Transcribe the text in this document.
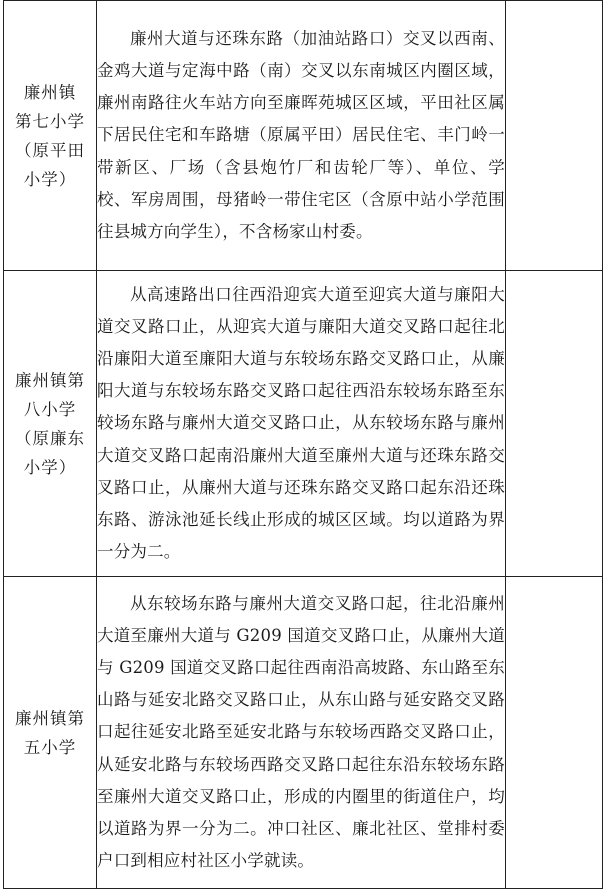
廉州镇
第七小学
（原平田
小学）	廉州大道与还珠东路（加油站路口）交叉以西南、金鸡大道与定海中路（南）交叉以东南城区内圈区域，廉州南路往火车站方向至廉晖苑城区区域，平田社区属下居民住宅和车路塘（原属平田）居民住宅、丰门岭一带新区、厂场（含县炮竹厂和齿轮厂等）、单位、学校、军房周围，母猪岭一带住宅区（含原中站小学范围往县城方向学生），不含杨家山村委。	

廉州镇第
八小学
（原廉东
小学）	从高速路出口往西沿迎宾大道至迎宾大道与廉阳大道交叉路口止，从迎宾大道与廉阳大道交叉路口起往北沿廉阳大道至廉阳大道与东较场东路交叉路口止，从廉阳大道与东较场东路交叉路口起往西沿东较场东路至东较场东路与廉州大道交叉路口止，从东较场东路与廉州大道交叉路口起南沿廉州大道至廉州大道与还珠东路交叉路口止，从廉州大道与还珠东路交叉路口起东沿还珠东路、游泳池延长线止形成的城区区域。均以道路为界一分为二。	

廉州镇第
五小学	从东较场东路与廉州大道交叉路口起，往北沿廉州大道至廉州大道与 G209 国道交叉路口止，从廉州大道与 G209 国道交叉路口起往西南沿高坡路、东山路至东山路与延安北路交叉路口止，从东山路与延安路交叉路口起往延安北路至延安北路与东较场西路交叉路口止，从延安北路与东较场西路交叉路口起往东沿东较场东路至廉州大道交叉路口止，形成的内圈里的街道住户，均以道路为界一分为二。冲口社区、廉北社区、堂排村委户口到相应村社区小学就读。	
